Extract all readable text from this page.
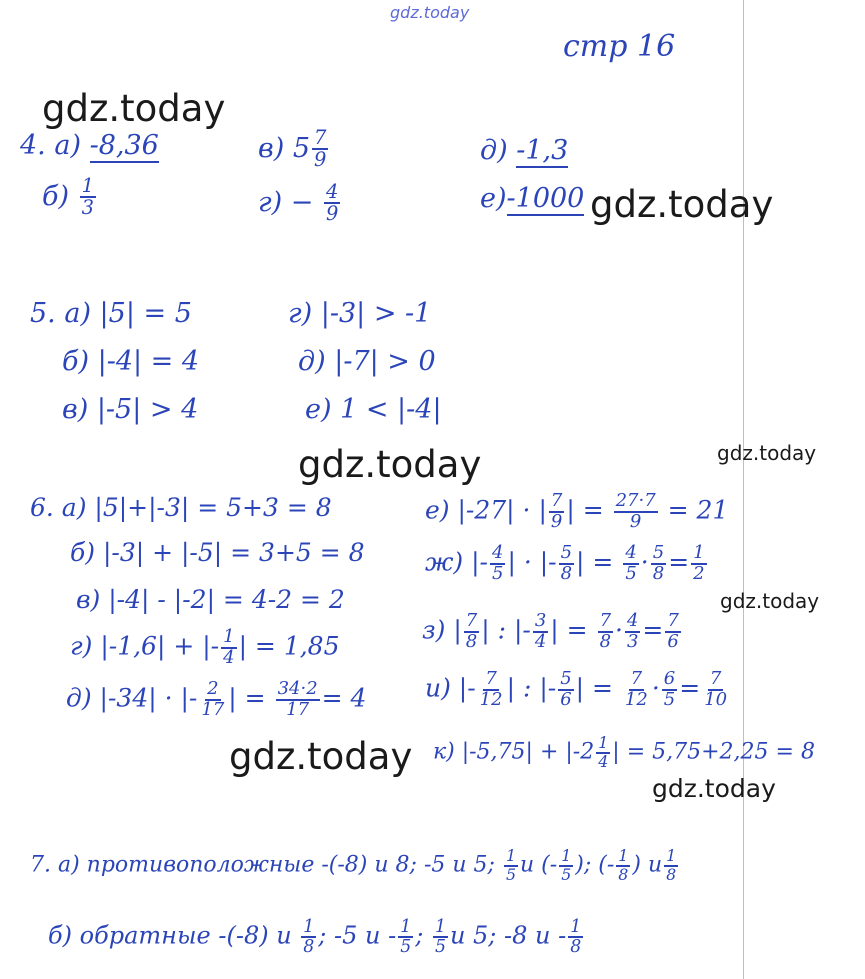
gdz.today
стр 16
gdz.today
gdz.today
gdz.today	gdz.today
gdz.today
gdz.today
gdz.today
4. а) -8,36
$б) \frac{1}{3}$
в) $5 \frac{7}{9}$
$г) - \frac{4}{9}$
д) -1,3
е)-1000
5. а) |5| = 5
б) |-4| = 4
в) |-5| > 4
г) |-3| > -1
д) |-7| > 0
е) 1 < |-4|
6. а) |5|+|-3| = 5+3 = 8
б) |-3| + |-5| = 3+5 = 8
в) |-4| - |-2| = 4-2 = 2
г) |-1,6| + |- $\frac{1}{4}$ | = 1,85
д) |-34| · |- $\frac{2}{17}$ | = $\frac{34\cdot 2}{17} = 4$
е) |-27| · | $\frac{7}{9}$ | = $\frac{27\cdot 7}{9} = 21$
ж) |- $\frac{4}{5}$ | · |- $\frac{5}{8}$ | = $\frac{4}{5} \cdot \frac{5}{8} = \frac{1}{2}$
з) | $\frac{7}{8}$ | : |- $\frac{3}{4}$ | = $\frac{7}{8} \cdot \frac{4}{3} = \frac{7}{6}$
и) |- $\frac{7}{12}$ | : |- $\frac{5}{6}$ | = $\frac{7}{12} \cdot \frac{6}{5} = \frac{7}{10}$
к) $|-5,75| + |-2 \frac{1}{4}$ | = 5,75+2,25 = 8
7. а) противоположные -(-8) и 8; -5 и 5; $\frac{1}{5}$ и (- $\frac{1}{5}$ ); (- $\frac{1}{8}$ ) и $\frac{1}{8}$
б) обратные -(-8) и $\frac{1}{8}$ ; -5 и - $\frac{1}{5}$ ; $\frac{1}{5}$ и 5; -8 и - $\frac{1}{8}$
